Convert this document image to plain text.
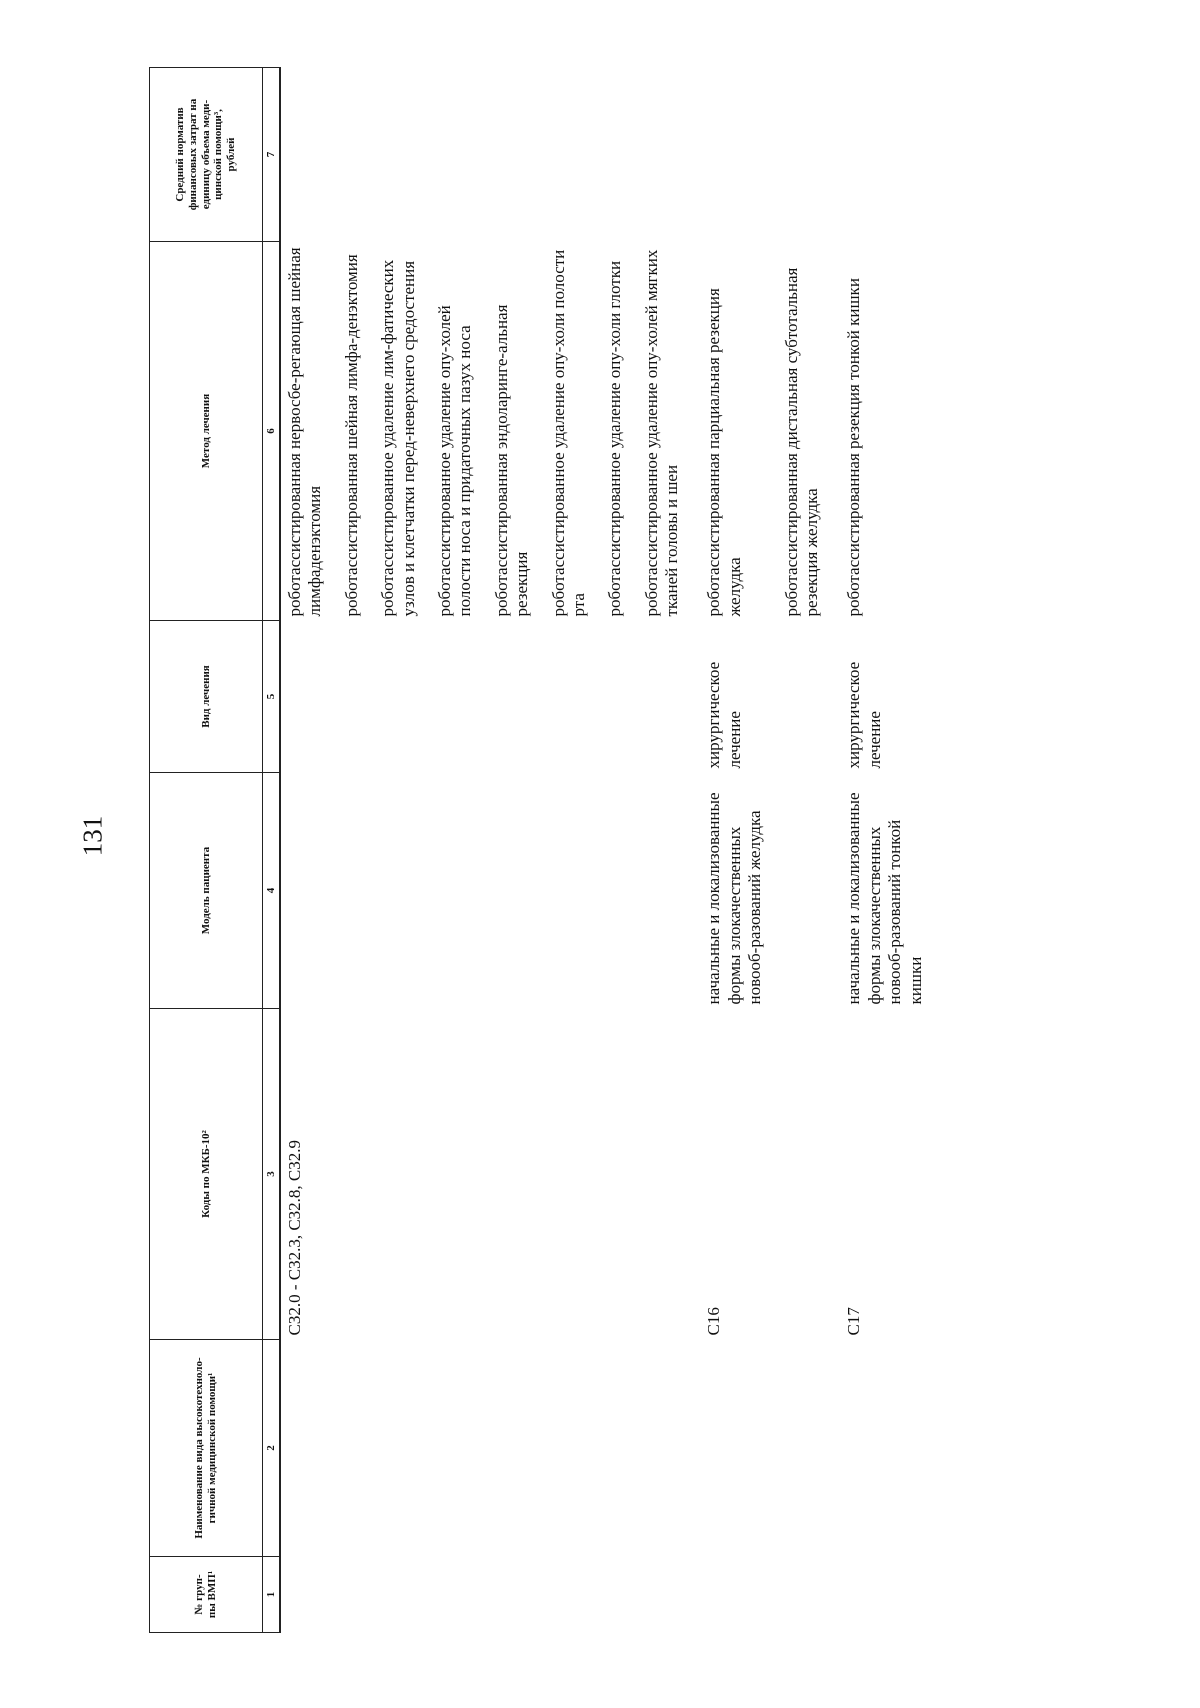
131
№ груп-
пы ВМП¹	Наименование вида высокотехноло-
гичной медицинской помощи¹	Коды по МКБ-10²	Модель пациента	Вид лечения	Метод лечения	Средний норматив
финансовых затрат на
единицу объема меди-
цинской помощи³,
рублей
1	2	3	4	5	6	7
		C32.0 - C32.3, C32.8, C32.9			роботассистированная нервосбе-регающая шейная лимфаденэктомия	
					роботассистированная шейная лимфа-денэктомия	
					роботассистированное удаление лим-фатических узлов и клетчатки перед-неверхнего средостения	
					роботассистированное удаление опу-холей полости носа и придаточных пазух носа	
					роботассистированная эндоларинге-альная резекция	
					роботассистированное удаление опу-холи полости рта	
					роботассистированное удаление опу-холи глотки	
					роботассистированное удаление опу-холей мягких тканей головы и шеи	
		C16	начальные и локализованные формы злокачественных новооб-разований желудка	хирургическое лечение	роботассистированная парциальная резекция желудка	
					роботассистированная дистальная субтотальная резекция желудка	
		C17	начальные и локализованные формы злокачественных новооб-разований тонкой кишки	хирургическое лечение	роботассистированная резекция тонкой кишки	
